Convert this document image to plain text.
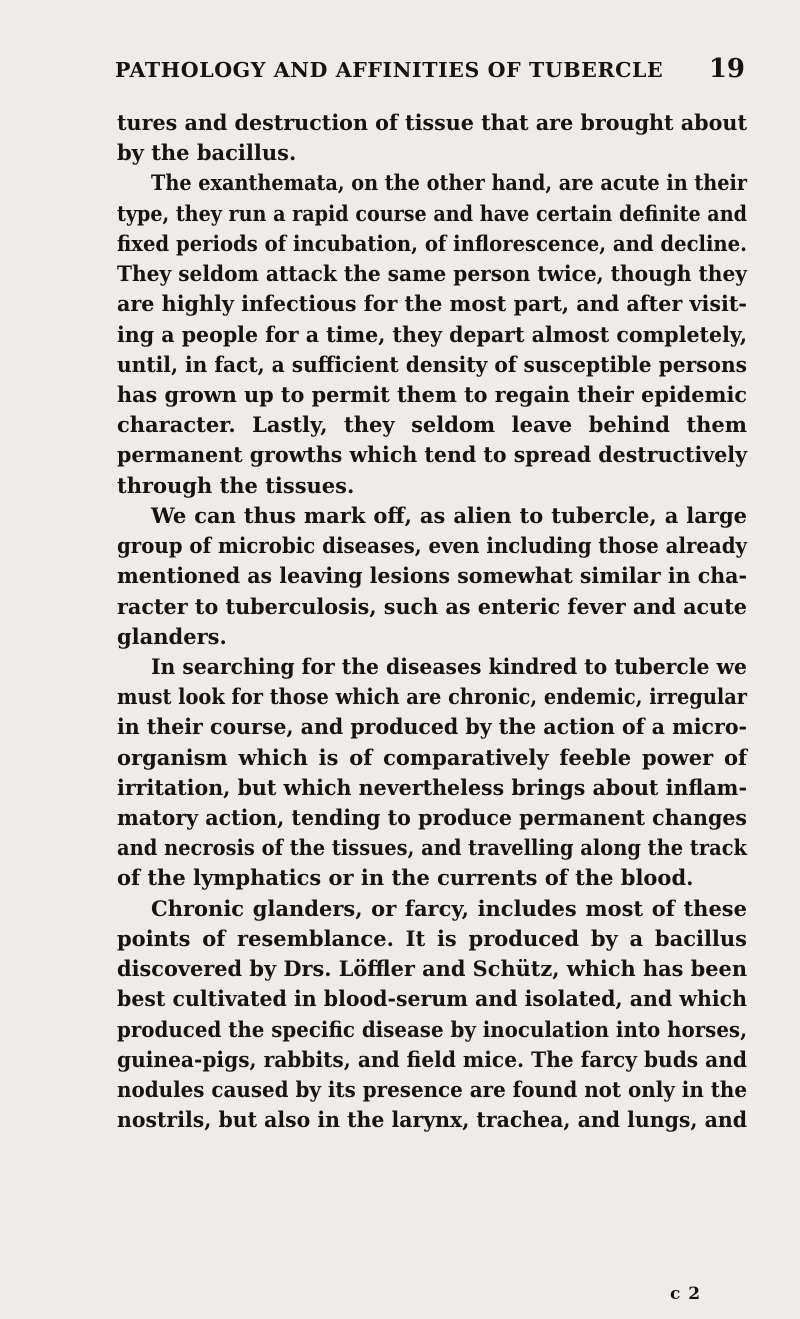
PATHOLOGY AND AFFINITIES OF TUBERCLE 19
tures and destruction of tissue that are brought about
by the bacillus.
The exanthemata, on the other hand, are acute in their
type, they run a rapid course and have certain definite and
fixed periods of incubation, of inflorescence, and decline.
They seldom attack the same person twice, though they
are highly infectious for the most part, and after visit-
ing a people for a time, they depart almost completely,
until, in fact, a sufficient density of susceptible persons
has grown up to permit them to regain their epidemic
character. Lastly, they seldom leave behind them
permanent growths which tend to spread destructively
through the tissues.
We can thus mark off, as alien to tubercle, a large
group of microbic diseases, even including those already
mentioned as leaving lesions somewhat similar in cha-
racter to tuberculosis, such as enteric fever and acute
glanders.
In searching for the diseases kindred to tubercle we
must look for those which are chronic, endemic, irregular
in their course, and produced by the action of a micro-
organism which is of comparatively feeble power of
irritation, but which nevertheless brings about inflam-
matory action, tending to produce permanent changes
and necrosis of the tissues, and travelling along the track
of the lymphatics or in the currents of the blood.
Chronic glanders, or farcy, includes most of these
points of resemblance. It is produced by a bacillus
discovered by Drs. Löffler and Schütz, which has been
best cultivated in blood-serum and isolated, and which
produced the specific disease by inoculation into horses,
guinea-pigs, rabbits, and field mice. The farcy buds and
nodules caused by its presence are found not only in the
nostrils, but also in the larynx, trachea, and lungs, and
c 2
